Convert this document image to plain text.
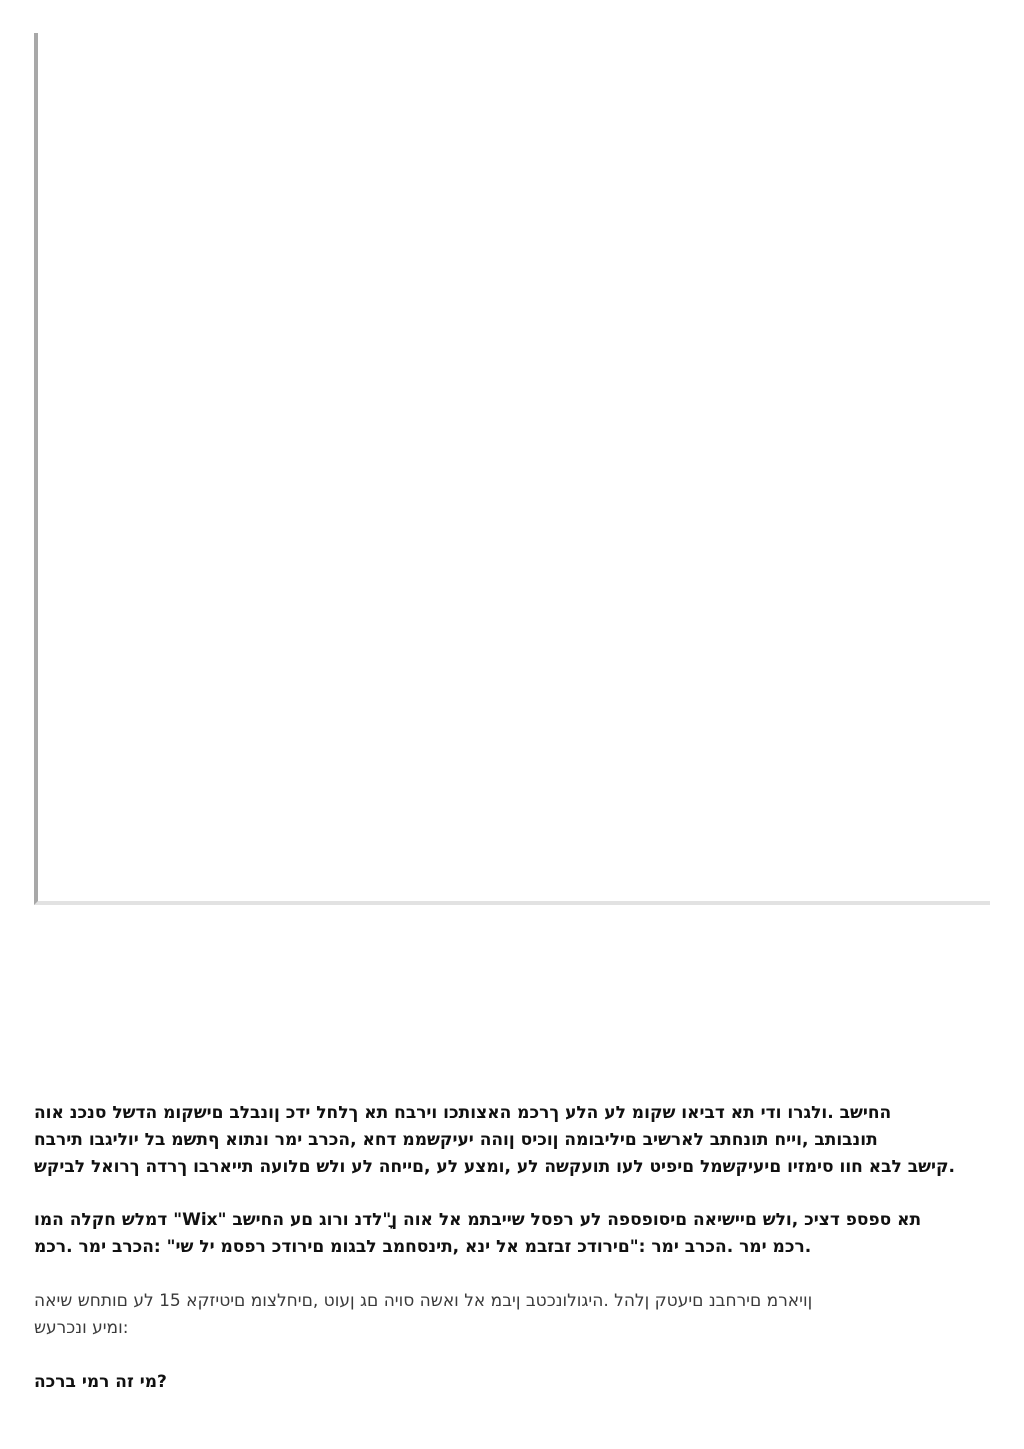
החישב .ולגרו ודי תא דביאו שקומ לע הלע ךרכמ האצותכו וירבח תא ךלחל ידכ ןונבלב םישקומ הדשל סנכנ אוה
תונבותב ,וייח תונחתב לארשיב םיליבומה ןוכיס ןוהה יעיקשממ דחא ,הכרב ימר ונתוא ףתשמ בל יוליגבו תירבח
קישב לבא חוו סימזיו םיעיקשמל םיפיט לעו תועקשה לע ,ומצע לע ,םייחה לע ולש םלועה תייארבו ךרדה ךרואל לביקש.
דמלש חקלה המו "Wix" תא ספספ דציכ ,ולש םיישיאה םיסופספה לע רפסל שייבתמ אל אוה ןָ"לדנ ורוג םע החישב
רכמ ימר .הכרב ימר :"םירודכ זבזבמ אל ינא ,תינסחמב לבגומ םירודכ רפסמ יל שי" :הכרב ימר .רכמ.
ןויארמ םירחבנ םיעטק ןלהל .היגולונכטב ןיבמ אל ואשה סויה םג ןעוט ,םיחלצומ םיטיזקא 15 לע םותחש שיאה
ומיע ונכרעש:
מי זה רמי ברכה?
